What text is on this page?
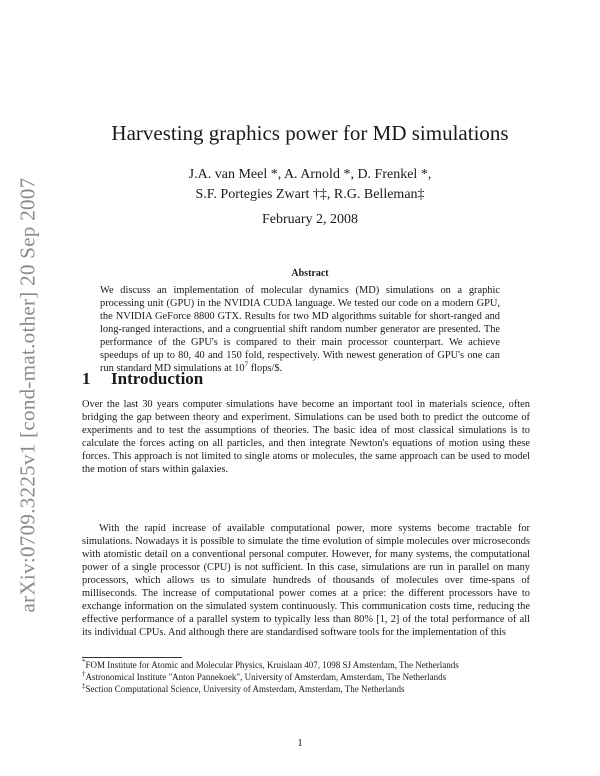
arXiv:0709.3225v1 [cond-mat.other] 20 Sep 2007
Harvesting graphics power for MD simulations
J.A. van Meel *, A. Arnold *, D. Frenkel *,
S.F. Portegies Zwart †‡, R.G. Belleman‡
February 2, 2008
Abstract
We discuss an implementation of molecular dynamics (MD) simulations on a graphic processing unit (GPU) in the NVIDIA CUDA language. We tested our code on a modern GPU, the NVIDIA GeForce 8800 GTX. Results for two MD algorithms suitable for short-ranged and long-ranged interactions, and a congruential shift random number generator are presented. The performance of the GPU's is compared to their main processor counterpart. We achieve speedups of up to 80, 40 and 150 fold, respectively. With newest generation of GPU's one can run standard MD simulations at $10^7$ flops/$.
1 Introduction
Over the last 30 years computer simulations have become an important tool in materials science, often bridging the gap between theory and experiment. Simulations can be used both to predict the outcome of experiments and to test the assumptions of theories. The basic idea of most classical simulations is to calculate the forces acting on all particles, and then integrate Newton's equations of motion using these forces. This approach is not limited to single atoms or molecules, the same approach can be used to model the motion of stars within galaxies.
With the rapid increase of available computational power, more systems become tractable for simulations. Nowadays it is possible to simulate the time evolution of simple molecules over microseconds with atomistic detail on a conventional personal computer. However, for many systems, the computational power of a single processor (CPU) is not sufficient. In this case, simulations are run in parallel on many processors, which allows us to simulate hundreds of thousands of molecules over time-spans of milliseconds. The increase of computational power comes at a price: the different processors have to exchange information on the simulated system continuously. This communication costs time, reducing the effective performance of a parallel system to typically less than 80% [1, 2] of the total performance of all its individual CPUs. And although there are standardised software tools for the implementation of this
*FOM Institute for Atomic and Molecular Physics, Kruislaan 407, 1098 SJ Amsterdam, The Netherlands
†Astronomical Institute "Anton Pannekoek", University of Amsterdam, Amsterdam, The Netherlands
‡Section Computational Science, University of Amsterdam, Amsterdam, The Netherlands
1
